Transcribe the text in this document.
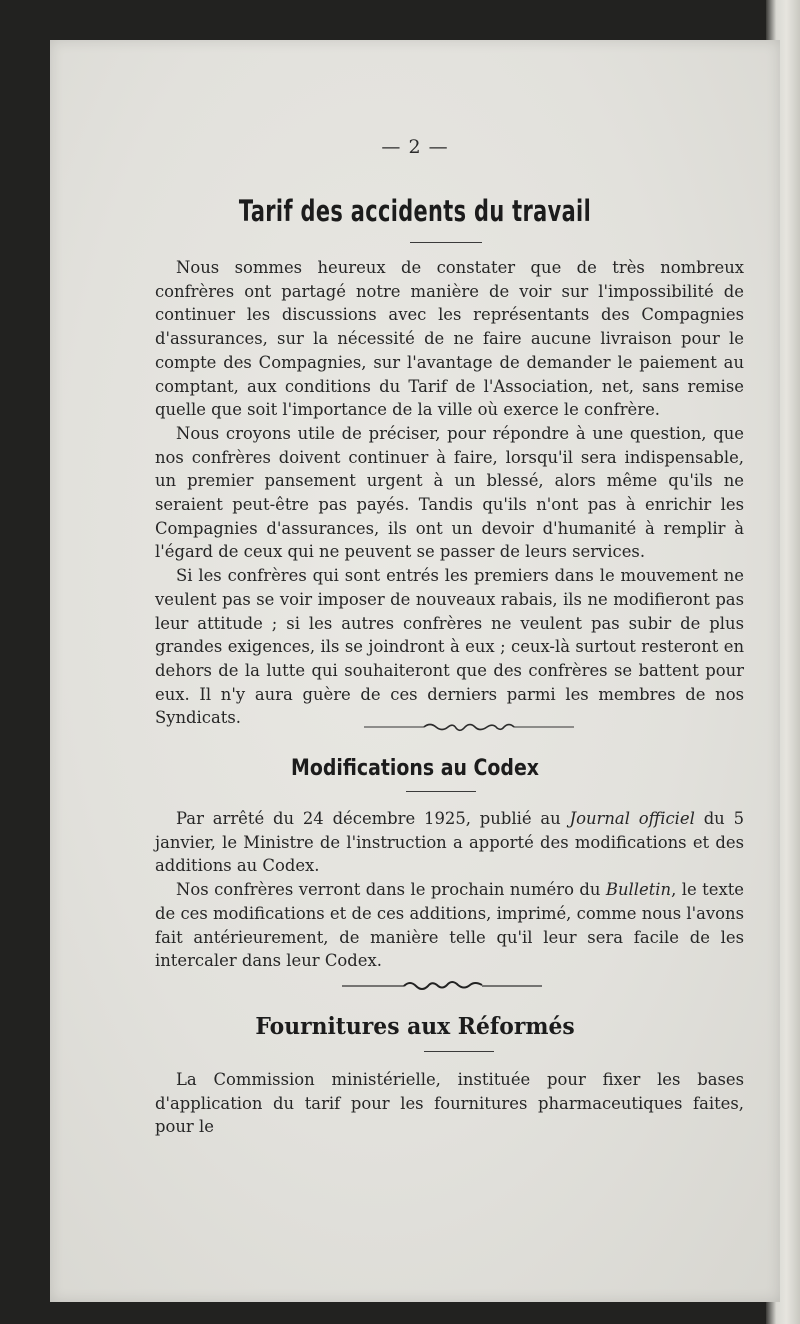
— 2 —
Tarif des accidents du travail

Nous sommes heureux de constater que de très nombreux confrères ont partagé notre manière de voir sur l'impossibilité de continuer les discussions avec les représentants des Compagnies d'assurances, sur la nécessité de ne faire aucune livraison pour le compte des Compagnies, sur l'avantage de demander le paiement au comptant, aux conditions du Tarif de l'Association, net, sans remise quelle que soit l'importance de la ville où exerce le confrère.

Nous croyons utile de préciser, pour répondre à une question, que nos confrères doivent continuer à faire, lorsqu'il sera indispensable, un premier pansement urgent à un blessé, alors même qu'ils ne seraient peut-être pas payés. Tandis qu'ils n'ont pas à enrichir les Compagnies d'assurances, ils ont un devoir d'humanité à remplir à l'égard de ceux qui ne peuvent se passer de leurs services.

Si les confrères qui sont entrés les premiers dans le mouvement ne veulent pas se voir imposer de nouveaux rabais, ils ne modifieront pas leur attitude ; si les autres confrères ne veulent pas subir de plus grandes exigences, ils se joindront à eux ; ceux-là surtout resteront en dehors de la lutte qui souhaiteront que des confrères se battent pour eux. Il n'y aura guère de ces derniers parmi les membres de nos Syndicats.

Modifications au Codex

Par arrêté du 24 décembre 1925, publié au Journal officiel du 5 janvier, le Ministre de l'instruction a apporté des modifications et des additions au Codex.

Nos confrères verront dans le prochain numéro du Bulletin, le texte de ces modifications et de ces additions, imprimé, comme nous l'avons fait antérieurement, de manière telle qu'il leur sera facile de les intercaler dans leur Codex.

Fournitures aux Réformés

La Commission ministérielle, instituée pour fixer les bases d'application du tarif pour les fournitures pharmaceutiques faites, pour le
